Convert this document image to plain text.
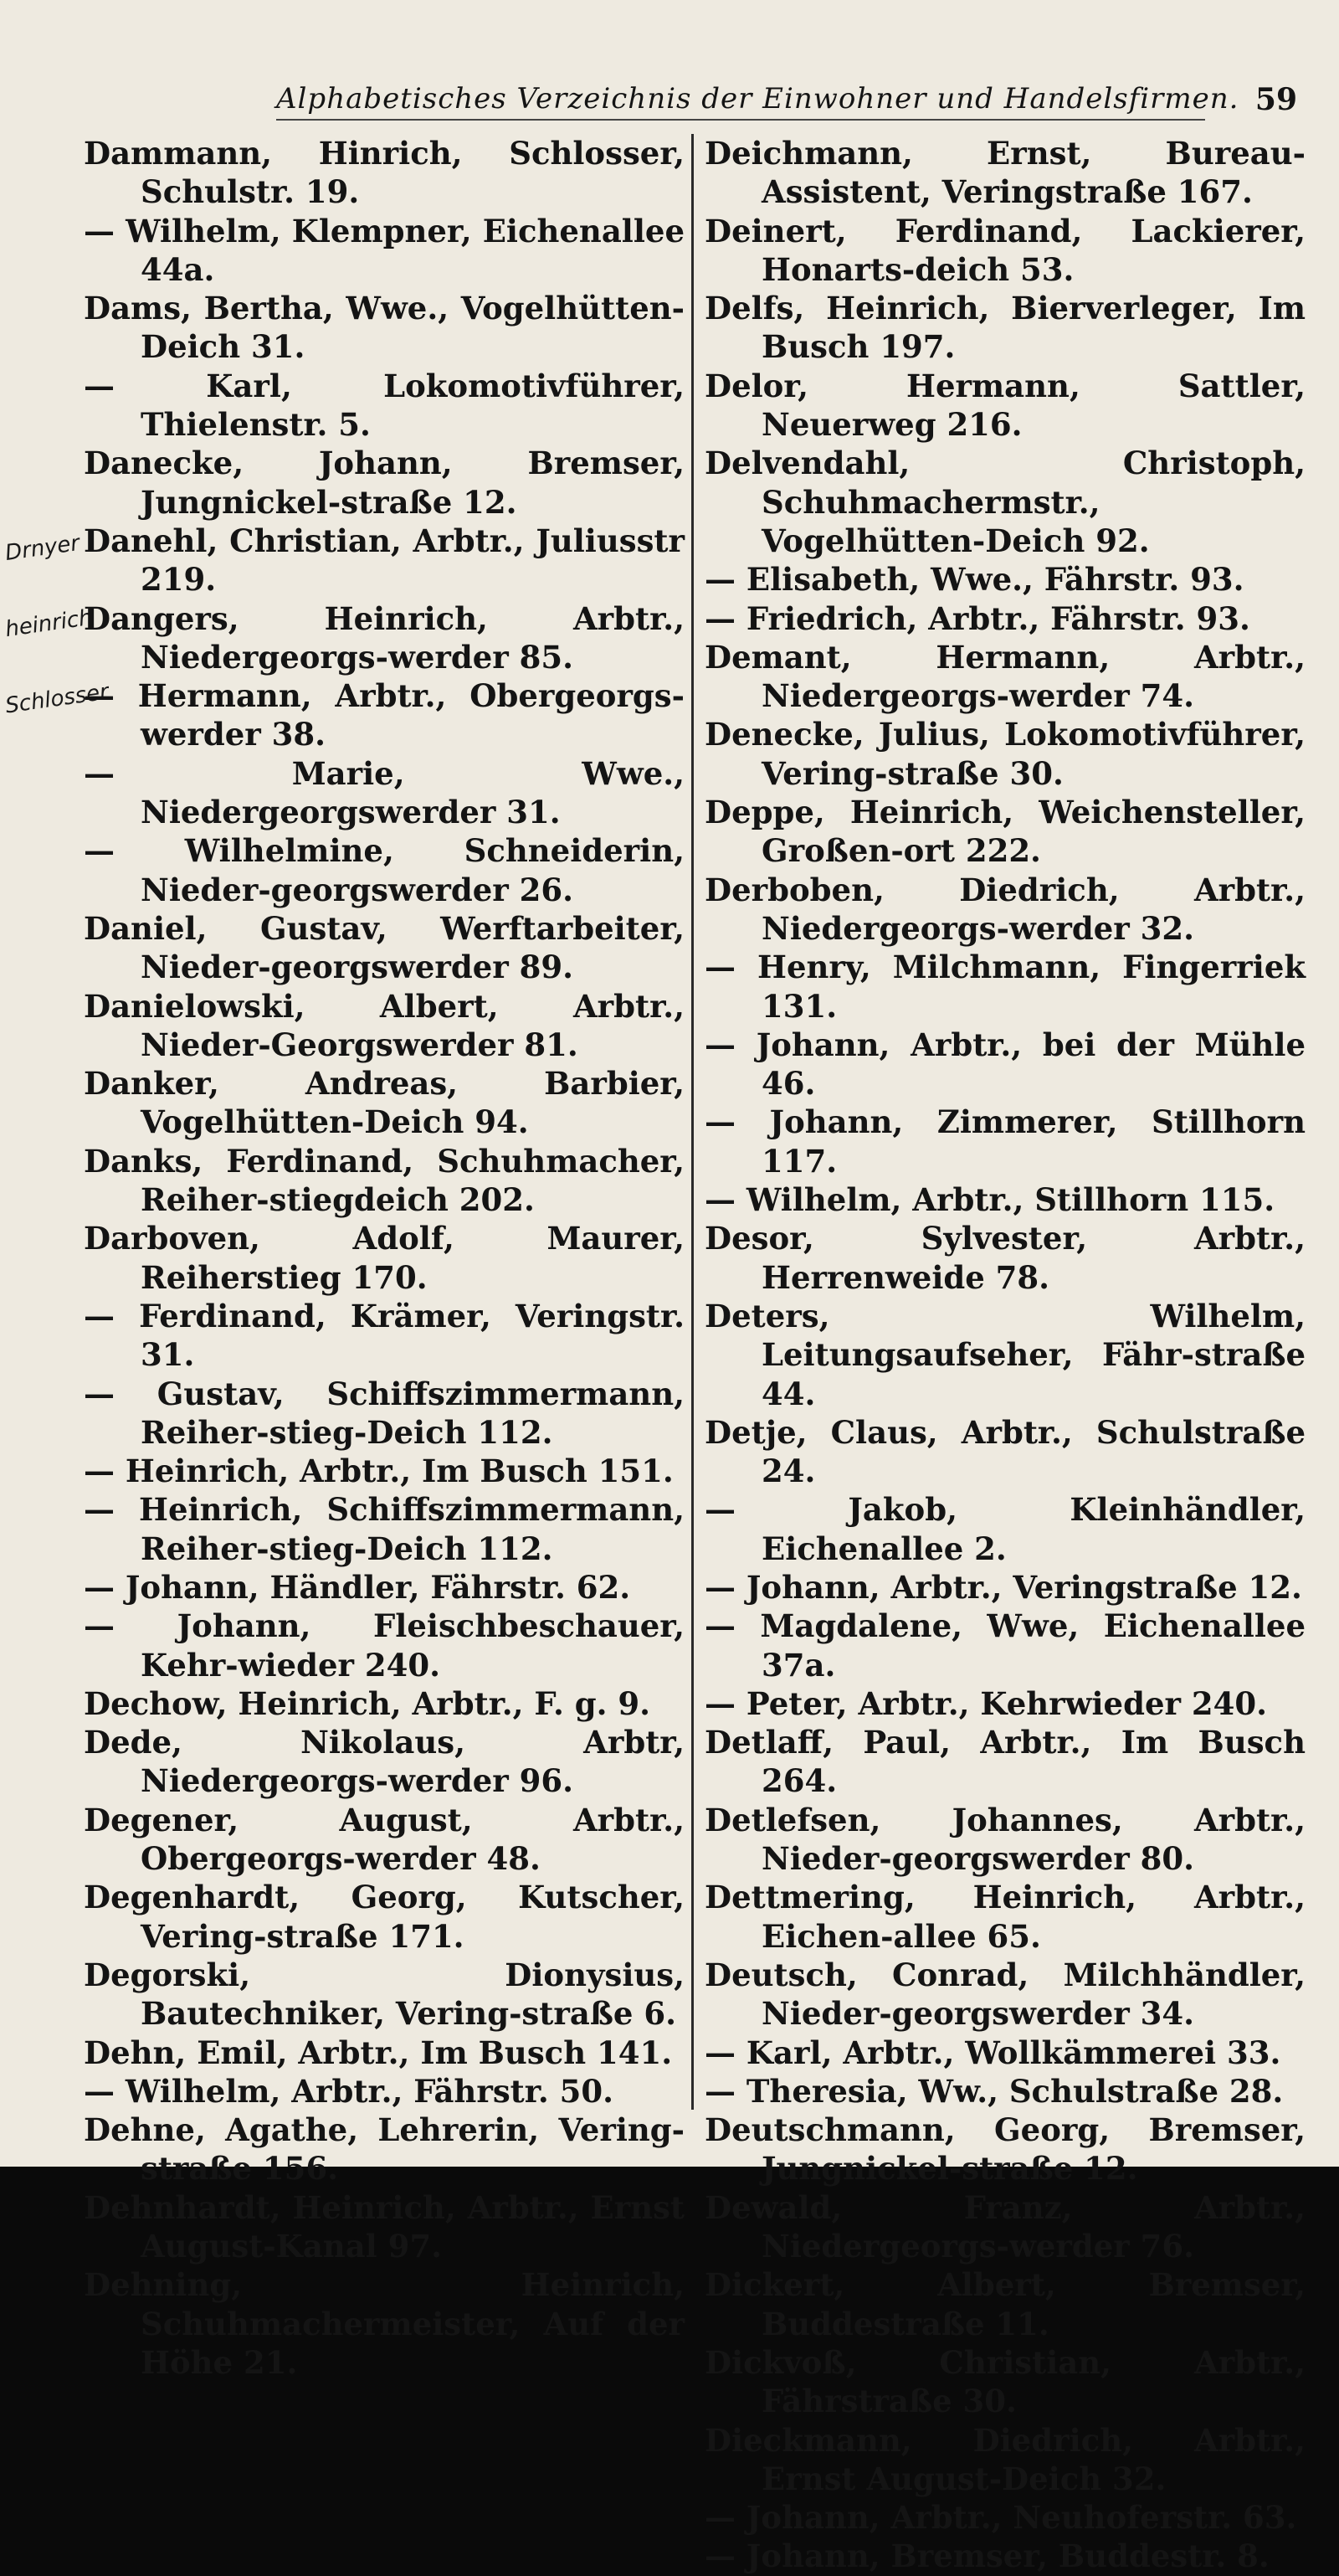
Alphabetisches Verzeichnis der Einwohner und Handelsfirmen. 59
Drnyer
heinrich
Schlosser
Dammann, Hinrich, Schlosser, Schulstr. 19.
— Wilhelm, Klempner, Eichenallee 44a.
Dams, Bertha, Wwe., Vogelhütten-Deich 31.
— Karl, Lokomotivführer, Thielenstr. 5.
Danecke, Johann, Bremser, Jungnickel-straße 12.
Danehl, Christian, Arbtr., Juliusstr 219.
Dangers, Heinrich, Arbtr., Niedergeorgs-werder 85.
— Hermann, Arbtr., Obergeorgs-werder 38.
— Marie, Wwe., Niedergeorgswerder 31.
— Wilhelmine, Schneiderin, Nieder-georgswerder 26.
Daniel, Gustav, Werftarbeiter, Nieder-georgswerder 89.
Danielowski, Albert, Arbtr., Nieder-Georgswerder 81.
Danker, Andreas, Barbier, Vogelhütten-Deich 94.
Danks, Ferdinand, Schuhmacher, Reiher-stiegdeich 202.
Darboven, Adolf, Maurer, Reiherstieg 170.
— Ferdinand, Krämer, Veringstr. 31.
— Gustav, Schiffszimmermann, Reiher-stieg-Deich 112.
— Heinrich, Arbtr., Im Busch 151.
— Heinrich, Schiffszimmermann, Reiher-stieg-Deich 112.
— Johann, Händler, Fährstr. 62.
— Johann, Fleischbeschauer, Kehr-wieder 240.
Dechow, Heinrich, Arbtr., F. g. 9.
Dede, Nikolaus, Arbtr, Niedergeorgs-werder 96.
Degener, August, Arbtr., Obergeorgs-werder 48.
Degenhardt, Georg, Kutscher, Vering-straße 171.
Degorski, Dionysius, Bautechniker, Vering-straße 6.
Dehn, Emil, Arbtr., Im Busch 141.
— Wilhelm, Arbtr., Fährstr. 50.
Dehne, Agathe, Lehrerin, Vering-straße 156.
Dehnhardt, Heinrich, Arbtr., Ernst August-Kanal 97.
Dehning, Heinrich, Schuhmachermeister, Auf der Höhe 21.
Deichmann, Ernst, Bureau-Assistent, Veringstraße 167.
Deinert, Ferdinand, Lackierer, Honarts-deich 53.
Delfs, Heinrich, Bierverleger, Im Busch 197.
Delor, Hermann, Sattler, Neuerweg 216.
Delvendahl, Christoph, Schuhmachermstr., Vogelhütten-Deich 92.
— Elisabeth, Wwe., Fährstr. 93.
— Friedrich, Arbtr., Fährstr. 93.
Demant, Hermann, Arbtr., Niedergeorgs-werder 74.
Denecke, Julius, Lokomotivführer, Vering-straße 30.
Deppe, Heinrich, Weichensteller, Großen-ort 222.
Derboben, Diedrich, Arbtr., Niedergeorgs-werder 32.
— Henry, Milchmann, Fingerriek 131.
— Johann, Arbtr., bei der Mühle 46.
— Johann, Zimmerer, Stillhorn 117.
— Wilhelm, Arbtr., Stillhorn 115.
Desor, Sylvester, Arbtr., Herrenweide 78.
Deters, Wilhelm, Leitungsaufseher, Fähr-straße 44.
Detje, Claus, Arbtr., Schulstraße 24.
— Jakob, Kleinhändler, Eichenallee 2.
— Johann, Arbtr., Veringstraße 12.
— Magdalene, Wwe, Eichenallee 37a.
— Peter, Arbtr., Kehrwieder 240.
Detlaff, Paul, Arbtr., Im Busch 264.
Detlefsen, Johannes, Arbtr., Nieder-georgswerder 80.
Dettmering, Heinrich, Arbtr., Eichen-allee 65.
Deutsch, Conrad, Milchhändler, Nieder-georgswerder 34.
— Karl, Arbtr., Wollkämmerei 33.
— Theresia, Ww., Schulstraße 28.
Deutschmann, Georg, Bremser, Jungnickel-straße 12.
Dewald, Franz, Arbtr., Niedergeorgs-werder 76.
Dickert, Albert, Bremser, Buddestraße 11.
Dickvoß, Christian, Arbtr., Fährstraße 30.
Dieckmann, Diedrich, Arbtr., Ernst August-Deich 32.
— Johann, Arbtr., Neuhoferstr. 63.
— Johann, Bremser, Buddestr. 8.
